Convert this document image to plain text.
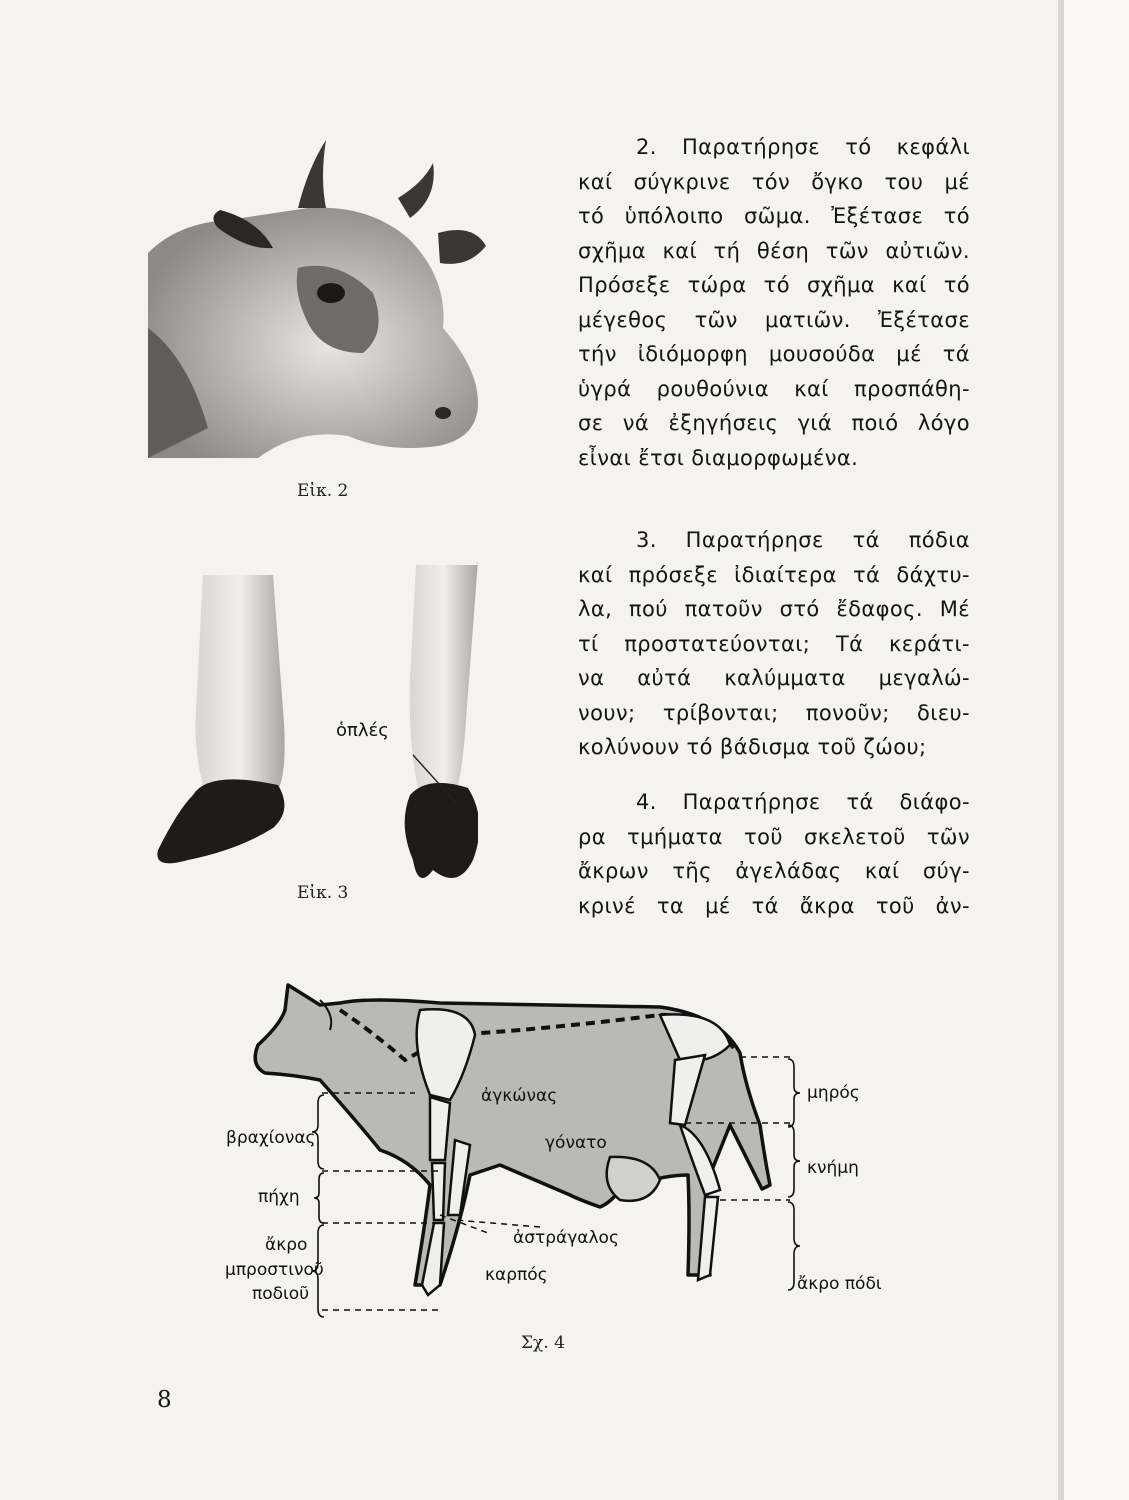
Εἰκ. 2
2. Παρατήρησε τό κεφάλι
καί σύγκρινε τόν ὄγκο του μέ
τό ὑπόλοιπο σῶμα. Ἐξέτασε τό
σχῆμα καί τή θέση τῶν αὐτιῶν.
Πρόσεξε τώρα τό σχῆμα καί τό
μέγεθος τῶν ματιῶν. Ἐξέτασε
τήν ἰδιόμορφη μουσούδα μέ τά
ὑγρά ρουθούνια καί προσπάθη-
σε νά ἐξηγήσεις γιά ποιό λόγο
εἶναι ἔτσι διαμορφωμένα.
ὁπλές
Εἰκ. 3
3. Παρατήρησε τά πόδια
καί πρόσεξε ἰδιαίτερα τά δάχτυ-
λα, πού πατοῦν στό ἔδαφος. Μέ
τί προστατεύονται; Τά κεράτι-
να αὐτά καλύμματα μεγαλώ-
νουν; τρίβονται; πονοῦν; διευ-
κολύνουν τό βάδισμα τοῦ ζώου;
4. Παρατήρησε τά διάφο-
ρα τμήματα τοῦ σκελετοῦ τῶν
ἄκρων τῆς ἀγελάδας καί σύγ-
κρινέ τα μέ τά ἄκρα τοῦ ἀν-
βραχίονας
πήχη
ἄκρο
μπροστινοῦ
ποδιοῦ
ἀγκώνας
γόνατο
ἀστράγαλος
καρπός
μηρός
κνήμη
ἄκρο πόδι
Σχ. 4
8
